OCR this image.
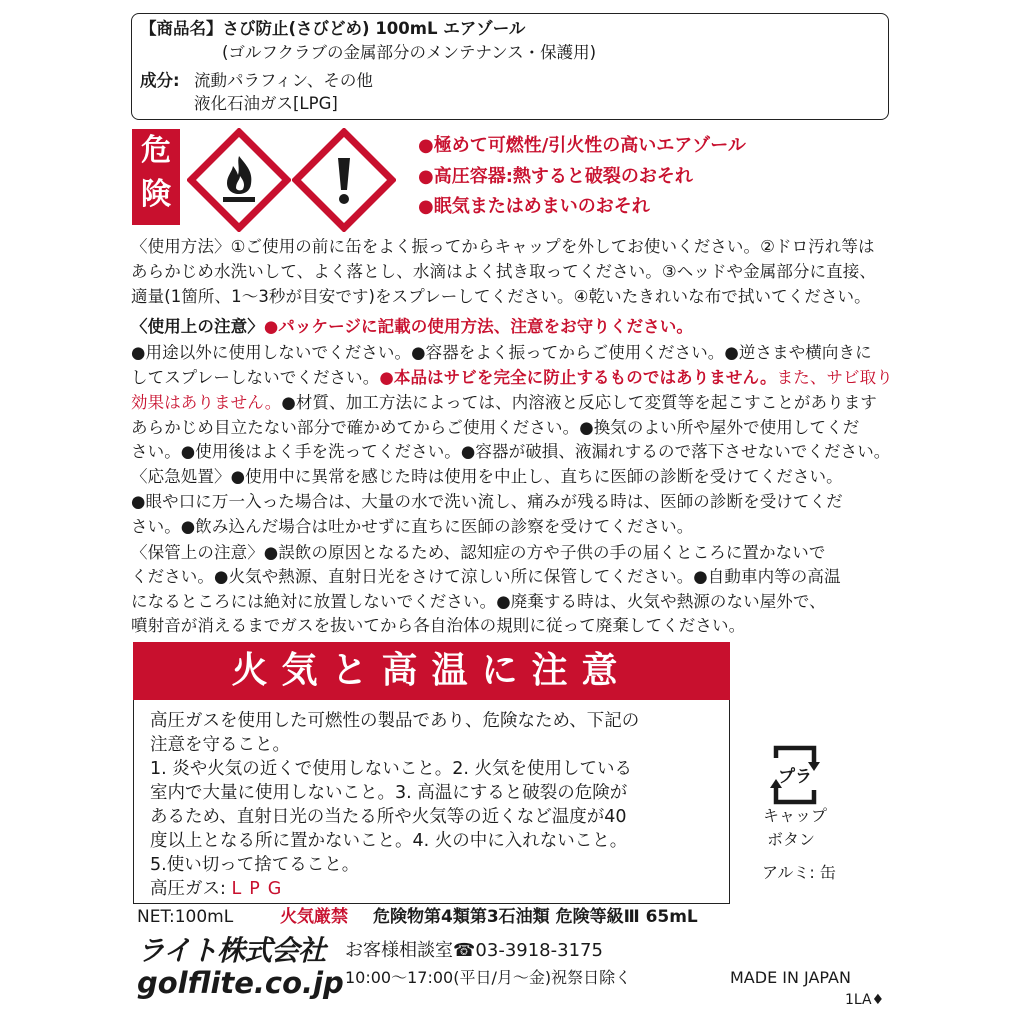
【商品名】さび防止(さびどめ) 100mL エアゾール
(ゴルフクラブの金属部分のメンテナンス・保護用)
成分: 流動パラフィン、その他
液化石油ガス[LPG]
危
険
●極めて可燃性/引火性の高いエアゾール
●高圧容器:熱すると破裂のおそれ
●眠気またはめまいのおそれ
〈使用方法〉①ご使用の前に缶をよく振ってからキャップを外してお使いください。②ドロ汚れ等は
あらかじめ水洗いして、よく落とし、水滴はよく拭き取ってください。③ヘッドや金属部分に直接、
適量(1箇所、1〜3秒が目安です)をスプレーしてください。④乾いたきれいな布で拭いてください。
〈使用上の注意〉●パッケージに記載の使用方法、注意をお守りください。
●用途以外に使用しないでください。●容器をよく振ってからご使用ください。●逆さまや横向きに
してスプレーしないでください。●本品はサビを完全に防止するものではありません。また、サビ取り
効果はありません。●材質、加工方法によっては、内溶液と反応して変質等を起こすことがあります
あらかじめ目立たない部分で確かめてからご使用ください。●換気のよい所や屋外で使用してくだ
さい。●使用後はよく手を洗ってください。●容器が破損、液漏れするので落下させないでください。
〈応急処置〉●使用中に異常を感じた時は使用を中止し、直ちに医師の診断を受けてください。
●眼や口に万一入った場合は、大量の水で洗い流し、痛みが残る時は、医師の診断を受けてくだ
さい。●飲み込んだ場合は吐かせずに直ちに医師の診察を受けてください。
〈保管上の注意〉●誤飲の原因となるため、認知症の方や子供の手の届くところに置かないで
ください。●火気や熱源、直射日光をさけて涼しい所に保管してください。●自動車内等の高温
になるところには絶対に放置しないでください。●廃棄する時は、火気や熱源のない屋外で、
噴射音が消えるまでガスを抜いてから各自治体の規則に従って廃棄してください。
火気と高温に注意
高圧ガスを使用した可燃性の製品であり、危険なため、下記の
注意を守ること。
1. 炎や火気の近くで使用しないこと。2. 火気を使用している
室内で大量に使用しないこと。3. 高温にすると破裂の危険が
あるため、直射日光の当たる所や火気等の近くなど温度が40
度以上となる所に置かないこと。4. 火の中に入れないこと。
5.使い切って捨てること。
高圧ガス: LPG
プラ
キャップ
ボタン
アルミ: 缶
NET:100mL	火気厳禁 危険物第4類第3石油類 危険等級Ⅲ 65mL
ライト株式会社
golflite.co.jp
お客様相談室☎03-3918-3175
10:00〜17:00(平日/月〜金)祝祭日除く	MADE IN JAPAN
1LA♦
